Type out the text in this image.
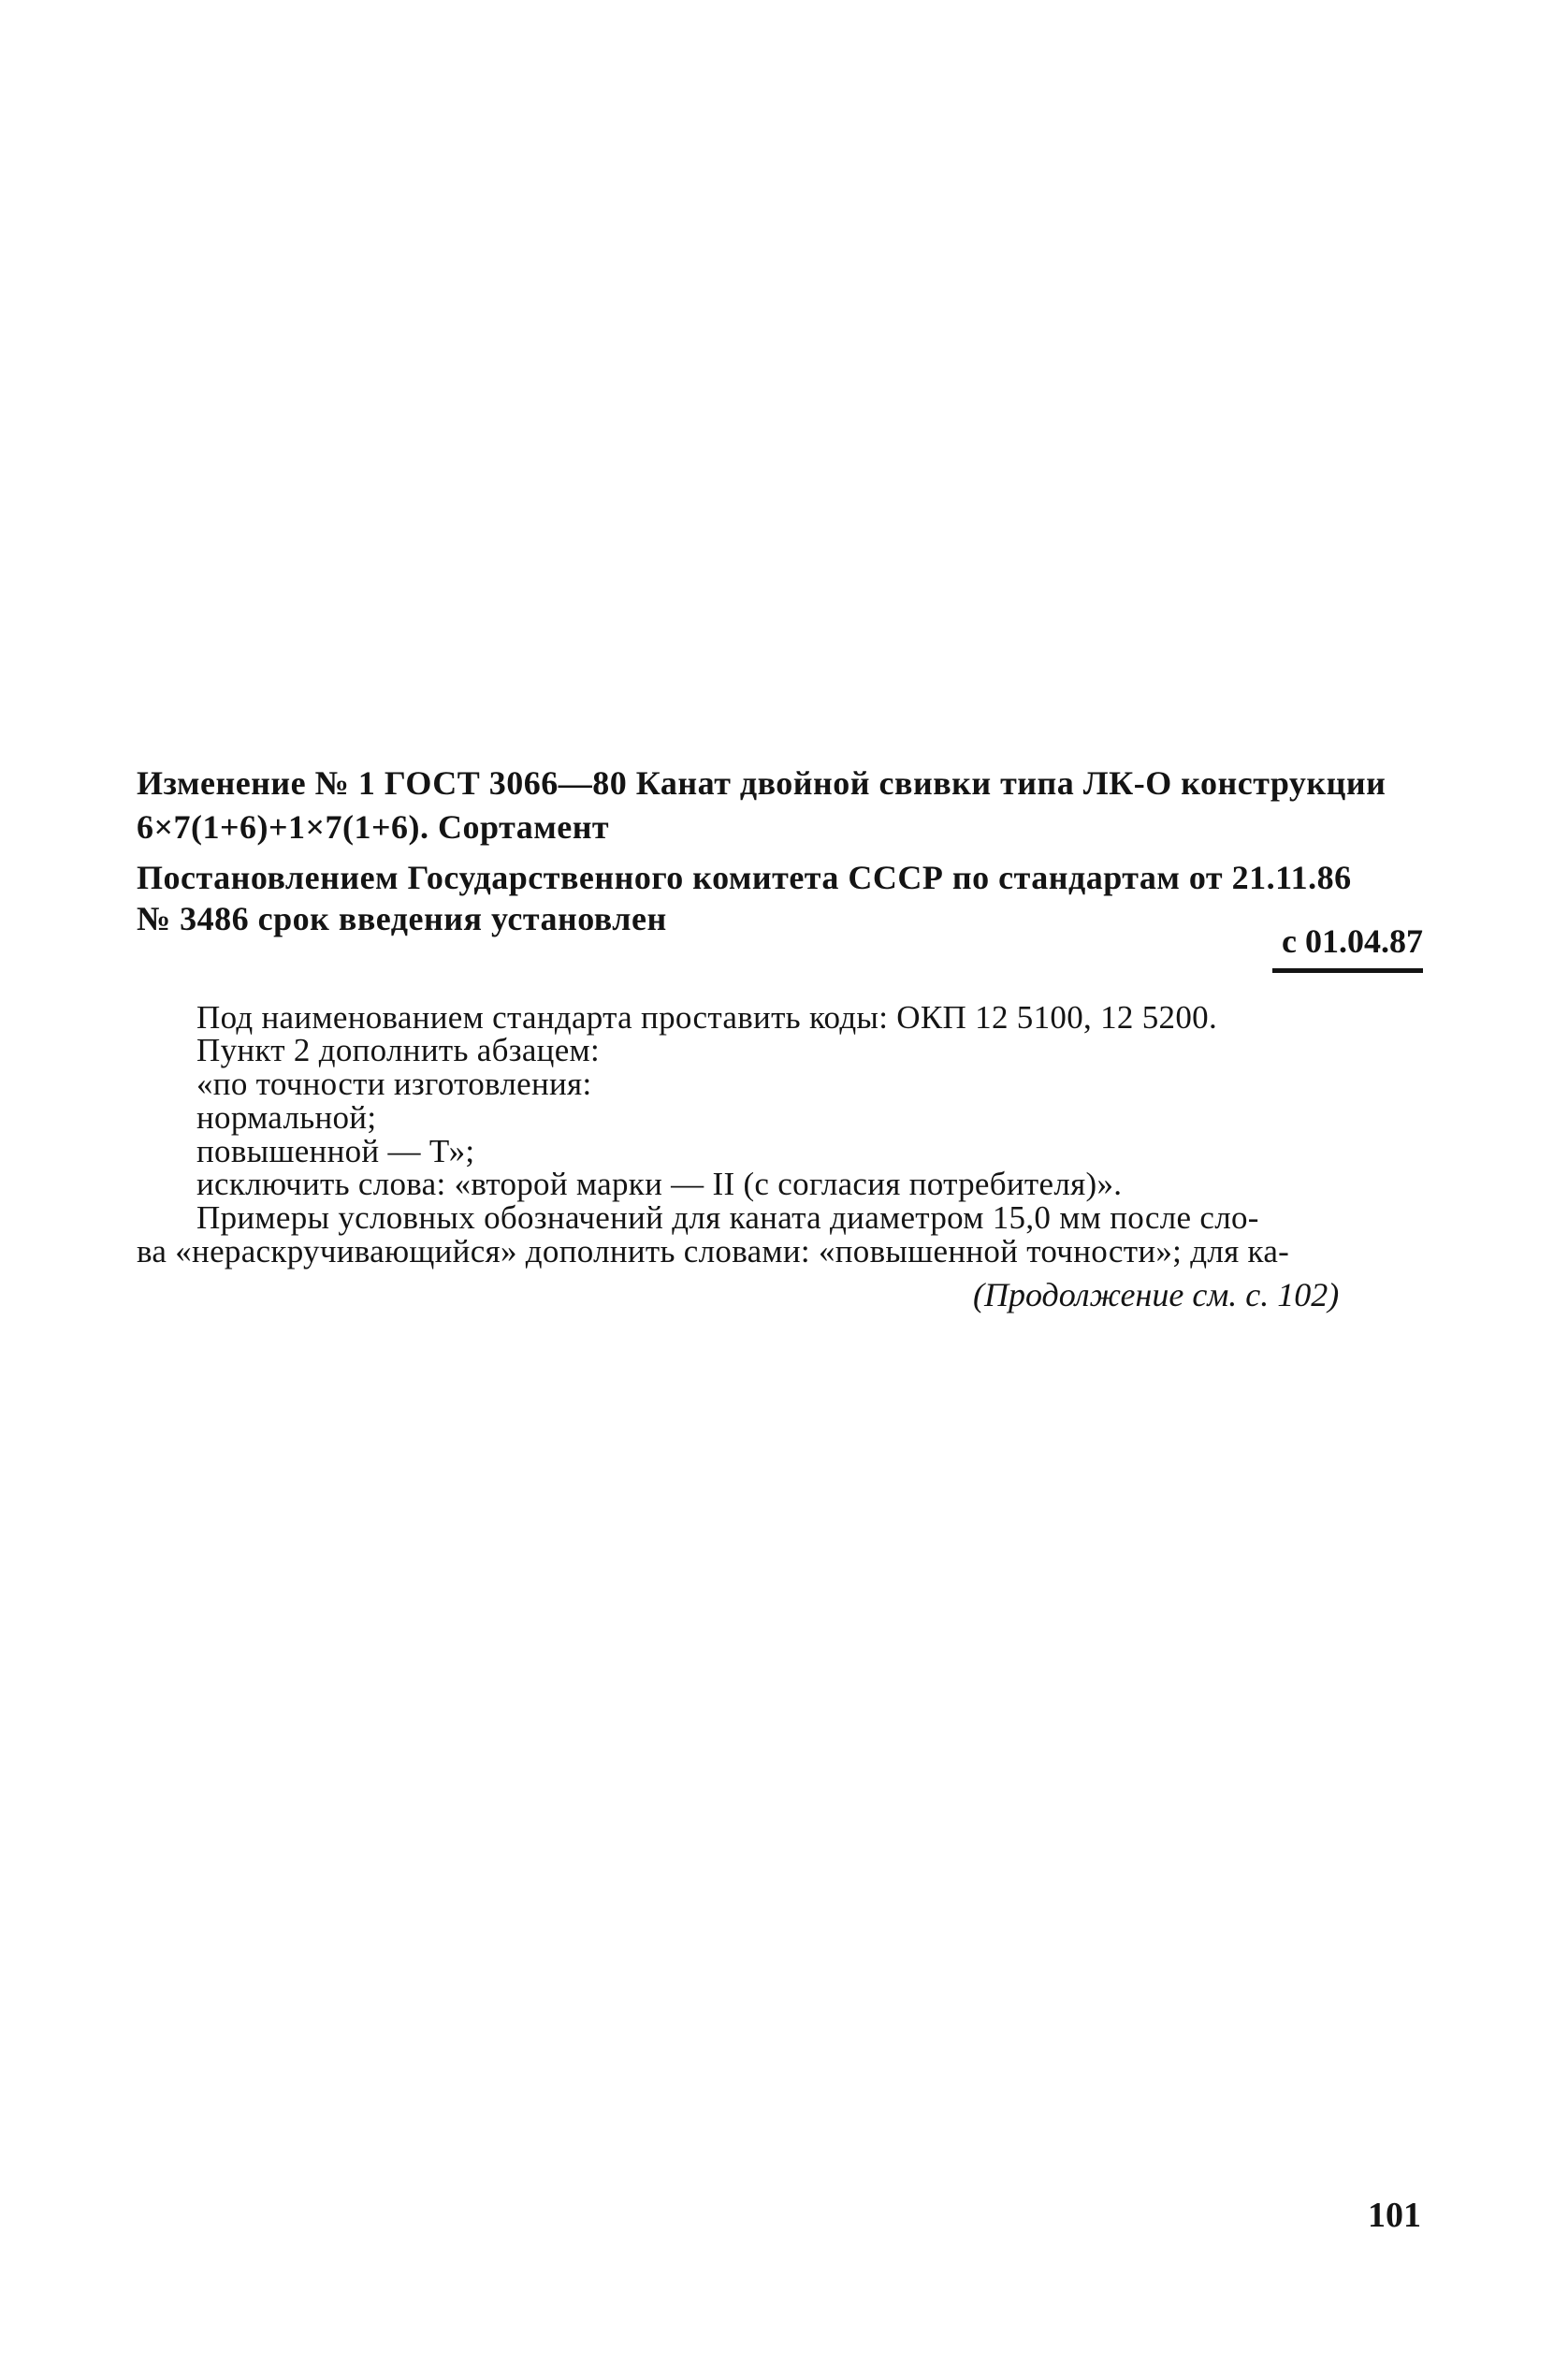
Изменение № 1 ГОСТ 3066—80 Канат двойной свивки типа ЛК-О конструкции

6×7(1+6)+1×7(1+6). Сортамент

Постановлением Государственного комитета СССР по стандартам от 21.11.86

№ 3486 срок введения установлен

с 01.04.87

Под наименованием стандарта проставить коды: ОКП 12 5100, 12 5200.

Пункт 2 дополнить абзацем:

«по точности изготовления:

нормальной;

повышенной — Т»;

исключить слова: «второй марки — II (с согласия потребителя)».

Примеры условных обозначений для каната диаметром 15,0 мм после сло-

ва «нераскручивающийся» дополнить словами: «повышенной точности»; для ка-

(Продолжение см. с. 102)
101
